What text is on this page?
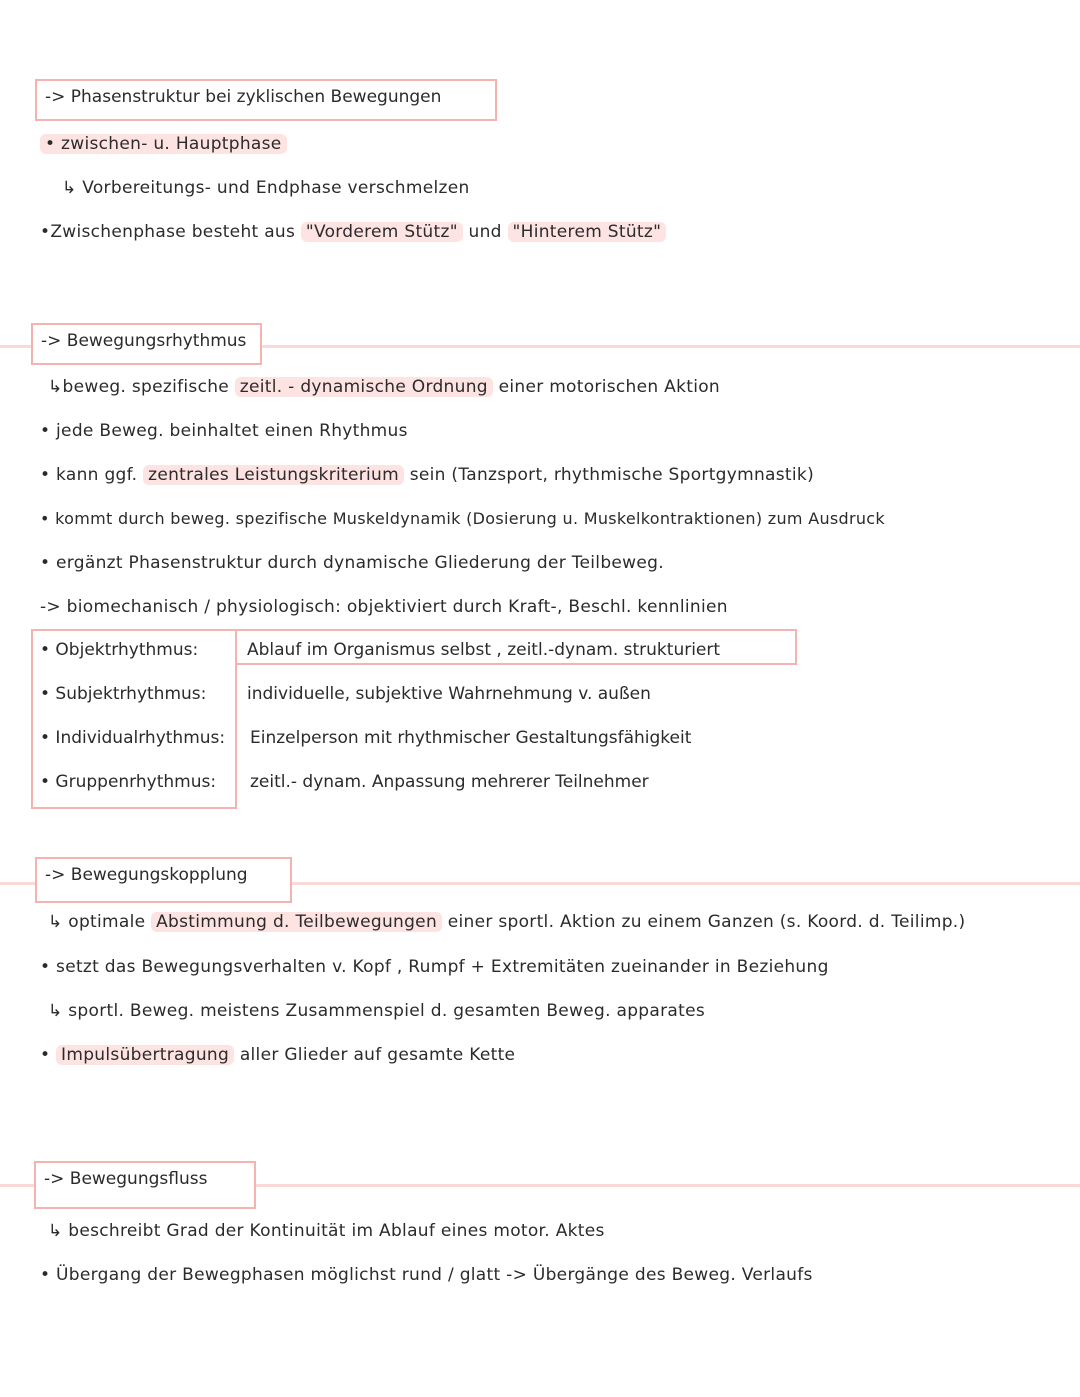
-> Phasenstruktur bei zyklischen Bewegungen
• zwischen- u. Hauptphase
↳ Vorbereitungs- und Endphase verschmelzen
•Zwischenphase besteht aus "Vorderem Stütz" und "Hinterem Stütz"
-> Bewegungsrhythmus
↳beweg. spezifische zeitl. - dynamische Ordnung einer motorischen Aktion
• jede Beweg. beinhaltet einen Rhythmus
• kann ggf. zentrales Leistungskriterium sein (Tanzsport, rhythmische Sportgymnastik)
• kommt durch beweg. spezifische Muskeldynamik (Dosierung u. Muskelkontraktionen) zum Ausdruck
• ergänzt Phasenstruktur durch dynamische Gliederung der Teilbeweg.
-> biomechanisch / physiologisch: objektiviert durch Kraft-, Beschl. kennlinien
• Objektrhythmus:	Ablauf im Organismus selbst , zeitl.-dynam. strukturiert
• Subjektrhythmus: individuelle, subjektive Wahrnehmung v. außen
• Individualrhythmus: Einzelperson mit rhythmischer Gestaltungsfähigkeit
• Gruppenrhythmus: zeitl.- dynam. Anpassung mehrerer Teilnehmer
-> Bewegungskopplung
↳ optimale Abstimmung d. Teilbewegungen einer sportl. Aktion zu einem Ganzen (s. Koord. d. Teilimp.)
• setzt das Bewegungsverhalten v. Kopf , Rumpf + Extremitäten zueinander in Beziehung
↳ sportl. Beweg. meistens Zusammenspiel d. gesamten Beweg. apparates
• Impulsübertragung aller Glieder auf gesamte Kette
-> Bewegungsfluss
↳ beschreibt Grad der Kontinuität im Ablauf eines motor. Aktes
• Übergang der Bewegphasen möglichst rund / glatt -> Übergänge des Beweg. Verlaufs
